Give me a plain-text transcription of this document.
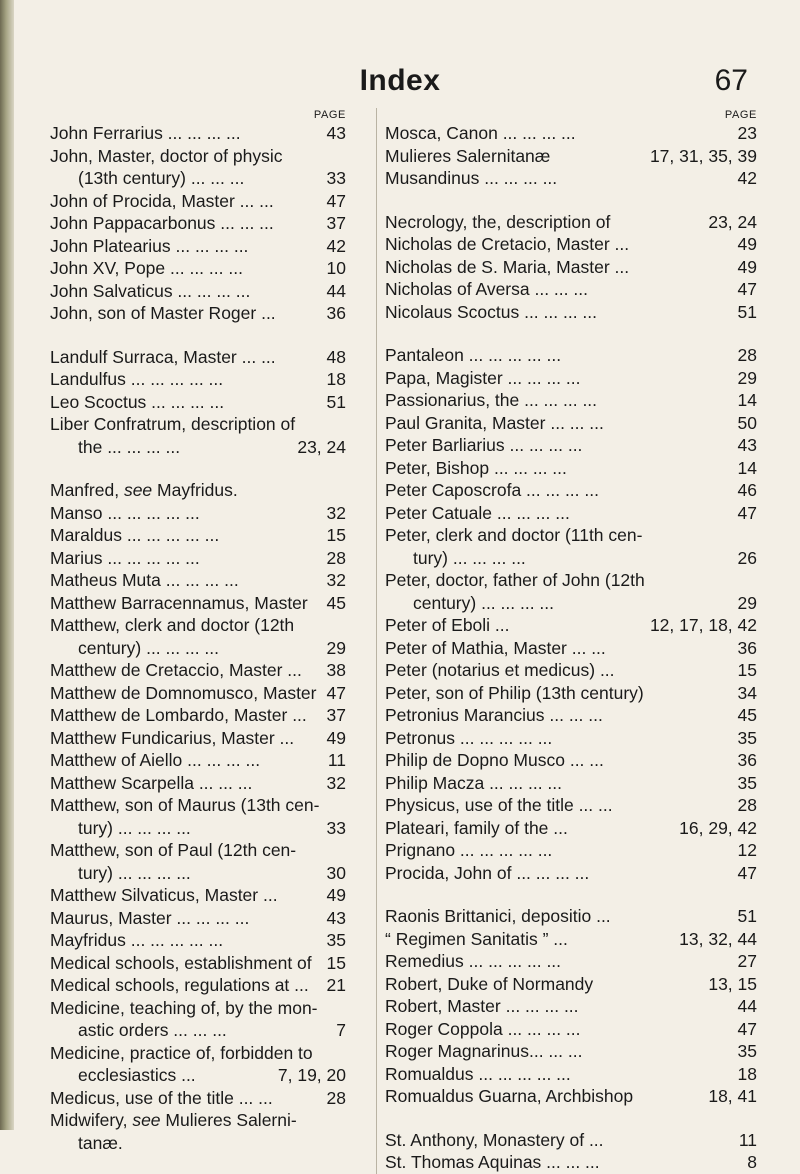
Index	67
PAGE
John Ferrarius ... ... ... ...	43
John, Master, doctor of physic
(13th century) ... ... ...	33
John of Procida, Master ... ...	47
John Pappacarbonus ... ... ...	37
John Platearius ... ... ... ...	42
John XV, Pope ... ... ... ...	10
John Salvaticus ... ... ... ...	44
John, son of Master Roger ...	36
Landulf Surraca, Master ... ...	48
Landulfus ... ... ... ... ...	18
Leo Scoctus ... ... ... ...	51
Liber Confratrum, description of
the ... ... ... ...	23, 24
Manfred, see Mayfridus.
Manso ... ... ... ... ...	32
Maraldus ... ... ... ... ...	15
Marius ... ... ... ... ...	28
Matheus Muta ... ... ... ...	32
Matthew Barracennamus, Master	45
Matthew, clerk and doctor (12th
century) ... ... ... ...	29
Matthew de Cretaccio, Master ...	38
Matthew de Domnomusco, Master 47
Matthew de Lombardo, Master ...	37
Matthew Fundicarius, Master ...	49
Matthew of Aiello ... ... ... ...	11
Matthew Scarpella ... ... ...	32
Matthew, son of Maurus (13th cen-
tury) ... ... ... ...	33
Matthew, son of Paul (12th cen-
tury) ... ... ... ...	30
Matthew Silvaticus, Master ...	49
Maurus, Master ... ... ... ...	43
Mayfridus ... ... ... ... ...	35
Medical schools, establishment of 15
Medical schools, regulations at ...	21
Medicine, teaching of, by the mon-
astic orders ... ... ...	7
Medicine, practice of, forbidden to
ecclesiastics ...	7, 19, 20
Medicus, use of the title ... ...	28
Midwifery, see Mulieres Salerni-
tanæ.
PAGE
Mosca, Canon ... ... ... ...	23
Mulieres Salernitanæ	17, 31, 35, 39
Musandinus ... ... ... ...	42
Necrology, the, description of	23, 24
Nicholas de Cretacio, Master ...	49
Nicholas de S. Maria, Master ...	49
Nicholas of Aversa ... ... ...	47
Nicolaus Scoctus ... ... ... ...	51
Pantaleon ... ... ... ... ...	28
Papa, Magister ... ... ... ...	29
Passionarius, the ... ... ... ...	14
Paul Granita, Master ... ... ...	50
Peter Barliarius ... ... ... ...	43
Peter, Bishop ... ... ... ...	14
Peter Caposcrofa ... ... ... ...	46
Peter Catuale ... ... ... ...	47
Peter, clerk and doctor (11th cen-
tury) ... ... ... ...	26
Peter, doctor, father of John (12th
century) ... ... ... ...	29
Peter of Eboli ...	12, 17, 18, 42
Peter of Mathia, Master ... ...	36
Peter (notarius et medicus) ...	15
Peter, son of Philip (13th century)	34
Petronius Marancius ... ... ...	45
Petronus ... ... ... ... ...	35
Philip de Dopno Musco ... ...	36
Philip Macza ... ... ... ...	35
Physicus, use of the title ... ...	28
Plateari, family of the ...	16, 29, 42
Prignano ... ... ... ... ...	12
Procida, John of ... ... ... ...	47
Raonis Brittanici, depositio ...	51
“ Regimen Sanitatis ” ...	13, 32, 44
Remedius ... ... ... ... ...	27
Robert, Duke of Normandy	13, 15
Robert, Master ... ... ... ...	44
Roger Coppola ... ... ... ...	47
Roger Magnarinus... ... ...	35
Romualdus ... ... ... ... ...	18
Romualdus Guarna, Archbishop	18, 41
St. Anthony, Monastery of ...	11
St. Thomas Aquinas ... ... ...	8
